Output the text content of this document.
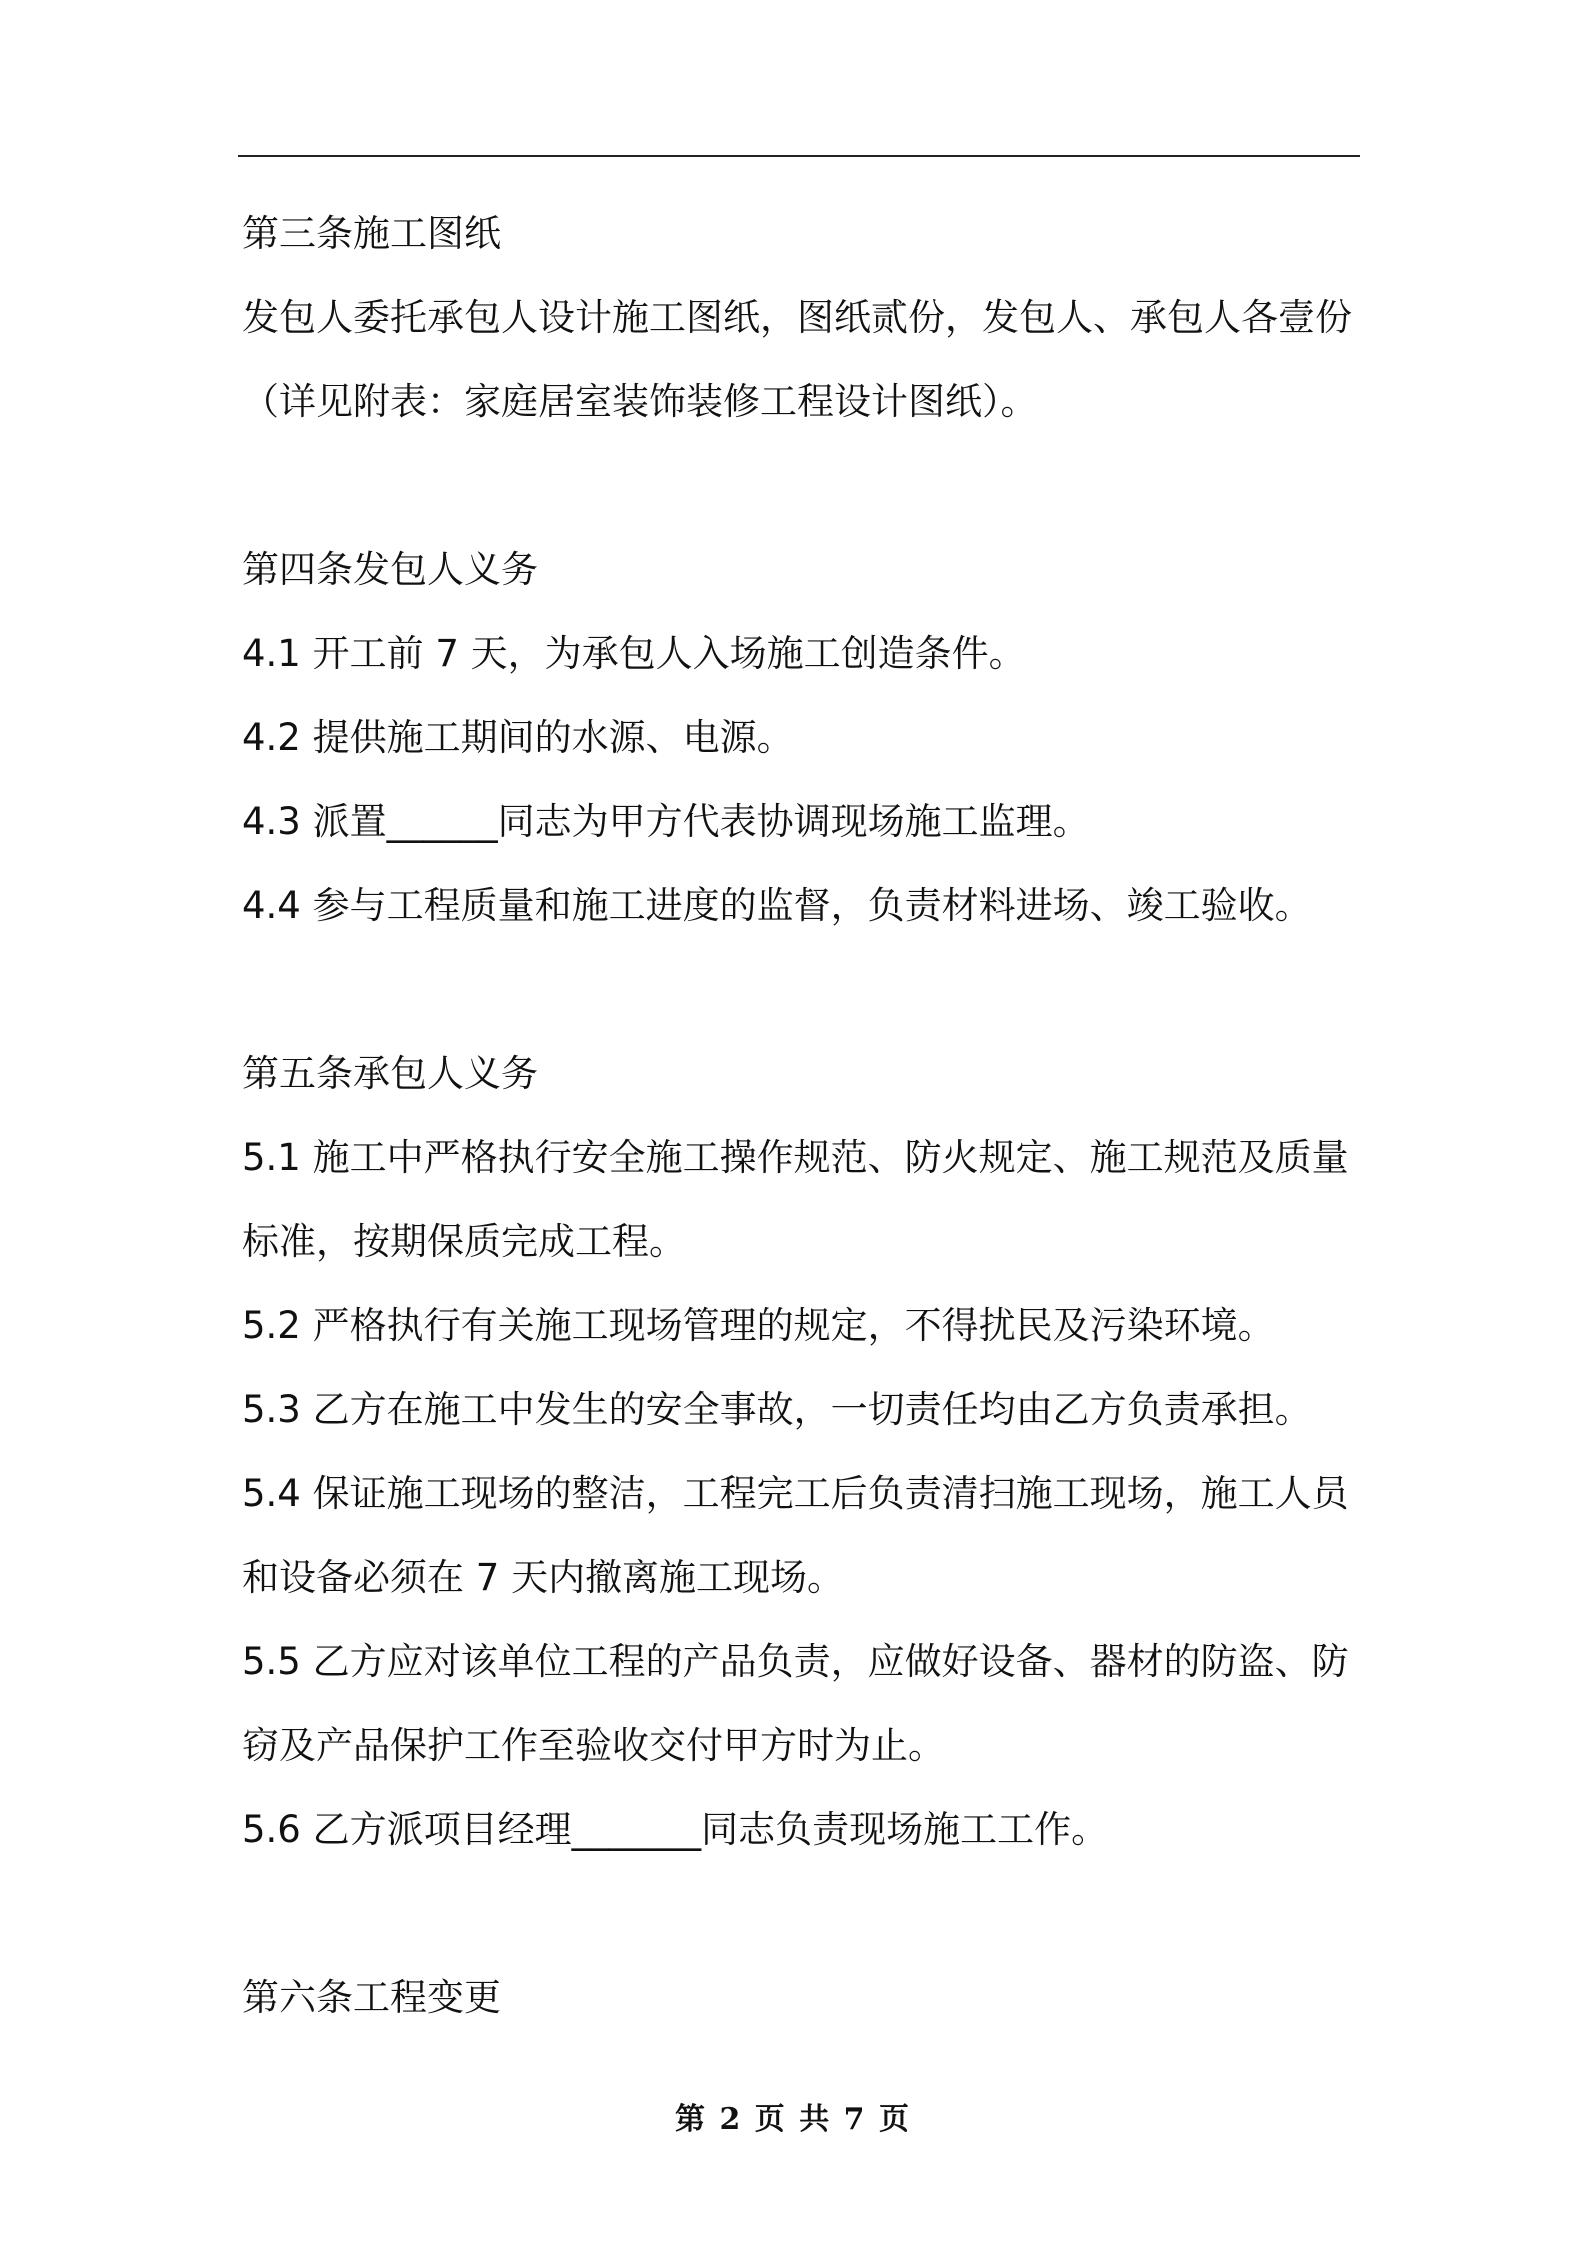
第三条施工图纸

发包人委托承包人设计施工图纸，图纸贰份，发包人、承包人各壹份

（详见附表：家庭居室装饰装修工程设计图纸）。

第四条发包人义务

4.1 开工前 7 天，为承包人入场施工创造条件。

4.2 提供施工期间的水源、电源。

4.3 派置______同志为甲方代表协调现场施工监理。

4.4 参与工程质量和施工进度的监督，负责材料进场、竣工验收。

第五条承包人义务

5.1 施工中严格执行安全施工操作规范、防火规定、施工规范及质量

标准，按期保质完成工程。

5.2 严格执行有关施工现场管理的规定，不得扰民及污染环境。

5.3 乙方在施工中发生的安全事故，一切责任均由乙方负责承担。

5.4 保证施工现场的整洁，工程完工后负责清扫施工现场，施工人员

和设备必须在 7 天内撤离施工现场。

5.5 乙方应对该单位工程的产品负责，应做好设备、器材的防盗、防

窃及产品保护工作至验收交付甲方时为止。

5.6 乙方派项目经理_______同志负责现场施工工作。

第六条工程变更

第 2 页 共 7 页
